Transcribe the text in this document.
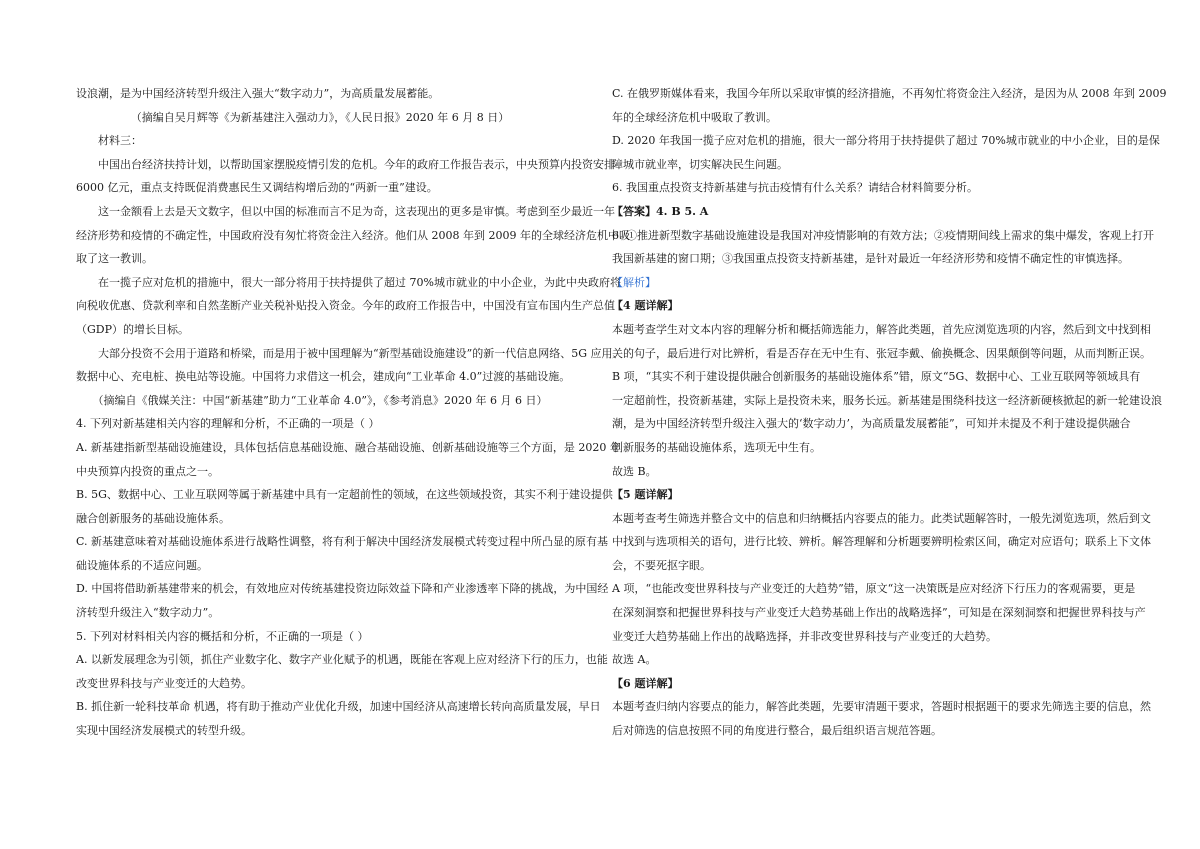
设浪潮，是为中国经济转型升级注入强大“数字动力”，为高质量发展蓄能。
（摘编自吴月辉等《为新基建注入强动力》，《人民日报》2020 年 6 月 8 日）
材料三：
中国出台经济扶持计划，以帮助国家摆脱疫情引发的危机。今年的政府工作报告表示，中央预算内投资安排
6000 亿元，重点支持既促消费惠民生又调结构增后劲的“两新一重”建设。
这一金额看上去是天文数字，但以中国的标准而言不足为奇，这表现出的更多是审慎。考虑到至少最近一年
经济形势和疫情的不确定性，中国政府没有匆忙将资金注入经济。他们从 2008 年到 2009 年的全球经济危机中吸
取了这一教训。
在一揽子应对危机的措施中，很大一部分将用于扶持提供了超过 70%城市就业的中小企业，为此中央政府将
向税收优惠、贷款利率和自然垄断产业关税补贴投入资金。今年的政府工作报告中，中国没有宣布国内生产总值
（GDP）的增长目标。
大部分投资不会用于道路和桥梁，而是用于被中国理解为“新型基础设施建设”的新一代信息网络、5G 应用、
数据中心、充电桩、换电站等设施。中国将力求借这一机会，建成向“工业革命 4.0”过渡的基础设施。
（摘编自《俄媒关注：中国“新基建”助力“工业革命 4.0”》，《参考消息》2020 年 6 月 6 日）
4. 下列对新基建相关内容的理解和分析，不正确的一项是（ ）
A. 新基建指新型基础设施建设，具体包括信息基础设施、融合基础设施、创新基础设施等三个方面，是 2020 年
中央预算内投资的重点之一。
B. 5G、数据中心、工业互联网等属于新基建中具有一定超前性的领域，在这些领域投资，其实不利于建设提供
融合创新服务的基础设施体系。
C. 新基建意味着对基础设施体系进行战略性调整，将有利于解决中国经济发展模式转变过程中所凸显的原有基
础设施体系的不适应问题。
D. 中国将借助新基建带来的机会，有效地应对传统基建投资边际效益下降和产业渗透率下降的挑战，为中国经
济转型升级注入“数字动力”。
5. 下列对材料相关内容的概括和分析，不正确的一项是（ ）
A. 以新发展理念为引领，抓住产业数字化、数字产业化赋予的机遇，既能在客观上应对经济下行的压力，也能
改变世界科技与产业变迁的大趋势。
B. 抓住新一轮科技革命 机遇，将有助于推动产业优化升级，加速中国经济从高速增长转向高质量发展，早日
实现中国经济发展模式的转型升级。
C. 在俄罗斯媒体看来，我国今年所以采取审慎的经济措施，不再匆忙将资金注入经济，是因为从 2008 年到 2009
年的全球经济危机中吸取了教训。
D. 2020 年我国一揽子应对危机的措施，很大一部分将用于扶持提供了超过 70%城市就业的中小企业，目的是保
障城市就业率，切实解决民生问题。
6. 我国重点投资支持新基建与抗击疫情有什么关系？请结合材料简要分析。
【答案】4. B 5. A
6. ①推进新型数字基础设施建设是我国对冲疫情影响的有效方法；②疫情期间线上需求的集中爆发，客观上打开
我国新基建的窗口期；③我国重点投资支持新基建，是针对最近一年经济形势和疫情不确定性的审慎选择。
【解析】
【4 题详解】
本题考查学生对文本内容的理解分析和概括筛选能力，解答此类题，首先应浏览选项的内容，然后到文中找到相
关的句子，最后进行对比辨析，看是否存在无中生有、张冠李戴、偷换概念、因果颠倒等问题，从而判断正误。
B 项，“其实不利于建设提供融合创新服务的基础设施体系”错，原文“5G、数据中心、工业互联网等领域具有
一定超前性，投资新基建，实际上是投资未来，服务长远。新基建是围绕科技这一经济新硬核掀起的新一轮建设浪
潮，是为中国经济转型升级注入强大的‘数字动力’，为高质量发展蓄能”，可知并未提及不利于建设提供融合
创新服务的基础设施体系，选项无中生有。
故选 B。
【5 题详解】
本题考查考生筛选并整合文中的信息和归纳概括内容要点的能力。此类试题解答时，一般先浏览选项，然后到文
中找到与选项相关的语句，进行比较、辨析。解答理解和分析题要辨明检索区间，确定对应语句；联系上下文体
会，不要死抠字眼。
A 项，“也能改变世界科技与产业变迁的大趋势”错，原文“这一决策既是应对经济下行压力的客观需要，更是
在深刻洞察和把握世界科技与产业变迁大趋势基础上作出的战略选择”，可知是在深刻洞察和把握世界科技与产
业变迁大趋势基础上作出的战略选择，并非改变世界科技与产业变迁的大趋势。
故选 A。
【6 题详解】
本题考查归纳内容要点的能力，解答此类题，先要审清题干要求，答题时根据题干的要求先筛选主要的信息，然
后对筛选的信息按照不同的角度进行整合，最后组织语言规范答题。
